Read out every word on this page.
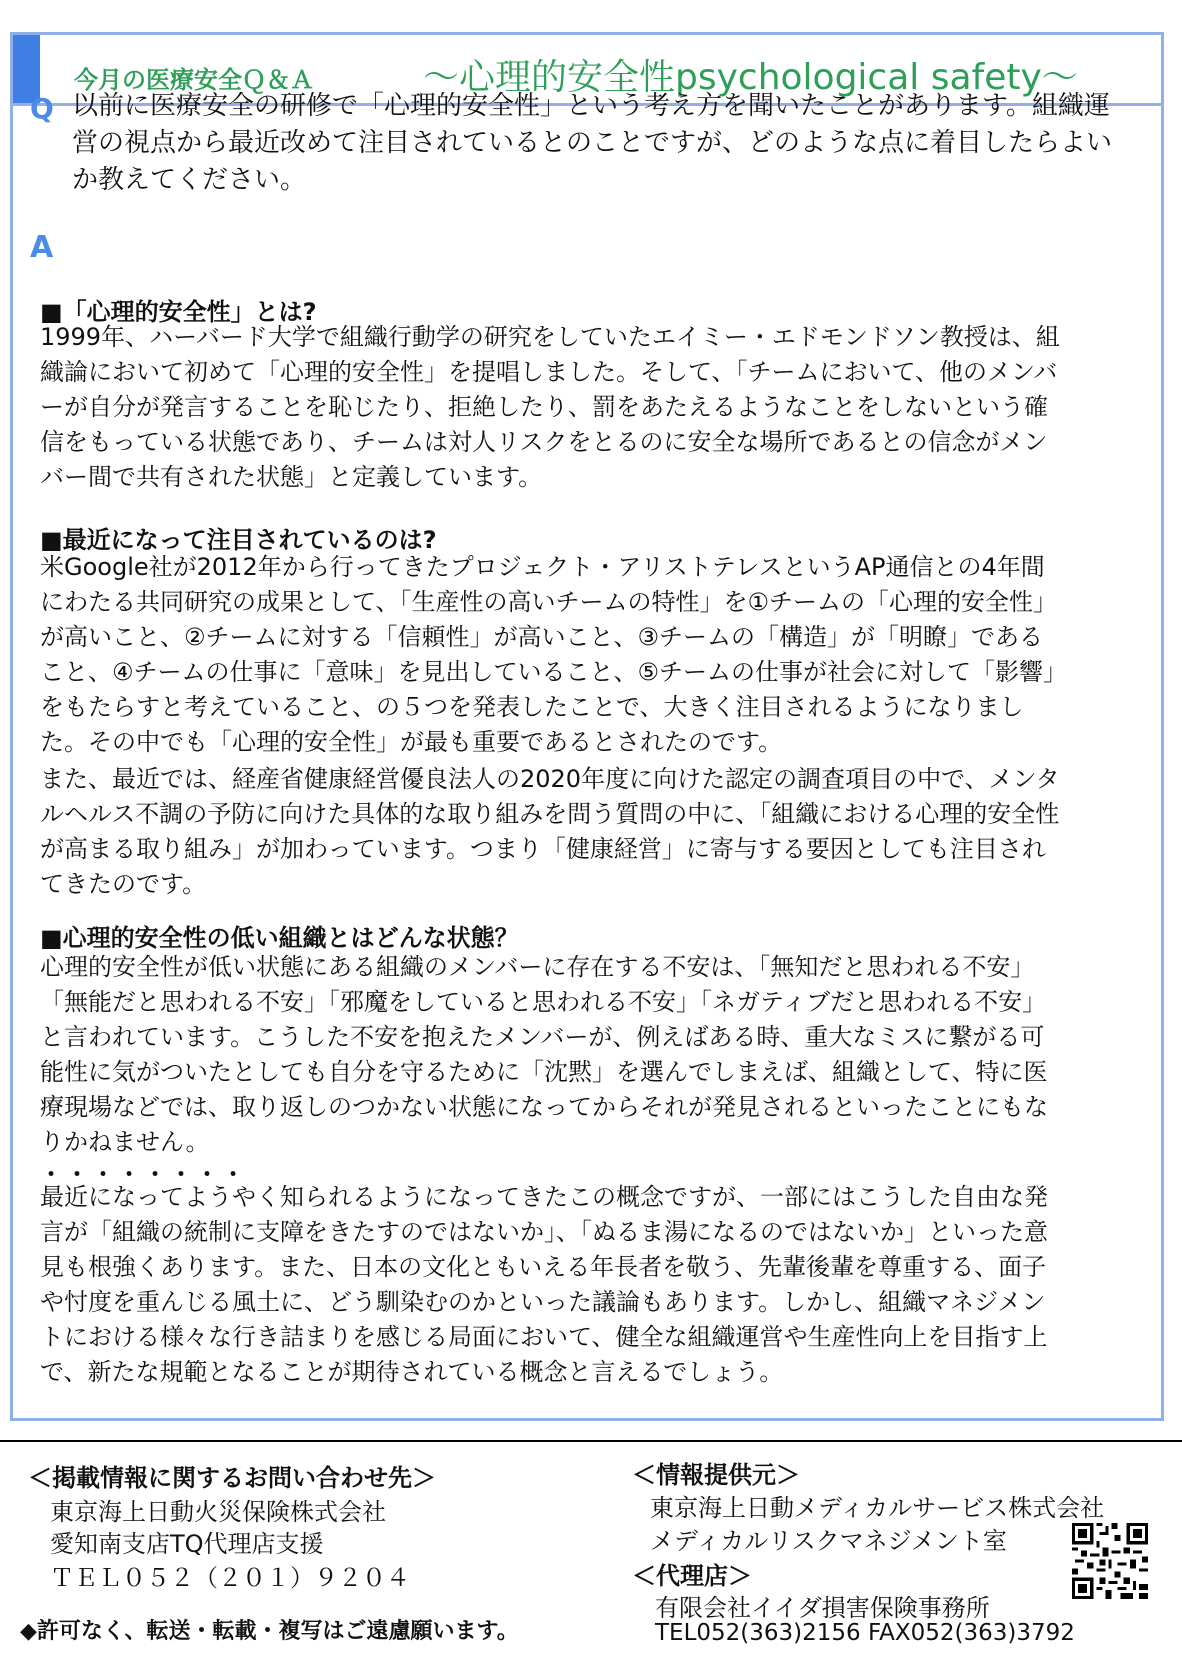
今月の医療安全Ｑ＆Ａ	～心理的安全性psychological safety～
Q 以前に医療安全の研修で「心理的安全性」という考え方を聞いたことがあります。組織運営の視点から最近改めて注目されているとのことですが、どのような点に着目したらよいか教えてください。
A
■「心理的安全性」とは?
1999年、ハーバード大学で組織行動学の研究をしていたエイミー・エドモンドソン教授は、組織論において初めて「心理的安全性」を提唱しました。そして、「チームにおいて、他のメンバーが自分が発言することを恥じたり、拒絶したり、罰をあたえるようなことをしないという確信をもっている状態であり、チームは対人リスクをとるのに安全な場所であるとの信念がメンバー間で共有された状態」と定義しています。
■最近になって注目されているのは?
米Google社が2012年から行ってきたプロジェクト・アリストテレスというAP通信との4年間にわたる共同研究の成果として、「生産性の高いチームの特性」を①チームの「心理的安全性」が高いこと、②チームに対する「信頼性」が高いこと、③チームの「構造」が「明瞭」であること、④チームの仕事に「意味」を見出していること、⑤チームの仕事が社会に対して「影響」をもたらすと考えていること、の５つを発表したことで、大きく注目されるようになりました。その中でも「心理的安全性」が最も重要であるとされたのです。
また、最近では、経産省健康経営優良法人の2020年度に向けた認定の調査項目の中で、メンタルヘルス不調の予防に向けた具体的な取り組みを問う質問の中に、「組織における心理的安全性が高まる取り組み」が加わっています。つまり「健康経営」に寄与する要因としても注目されてきたのです。
■心理的安全性の低い組織とはどんな状態？
心理的安全性が低い状態にある組織のメンバーに存在する不安は、「無知だと思われる不安」「無能だと思われる不安」「邪魔をしていると思われる不安」「ネガティブだと思われる不安」と言われています。こうした不安を抱えたメンバーが、例えばある時、重大なミスに繋がる可能性に気がついたとしても自分を守るために「沈黙」を選んでしまえば、組織として、特に医療現場などでは、取り返しのつかない状態になってからそれが発見されるといったことにもなりかねません。
・・・・・・・・
最近になってようやく知られるようになってきたこの概念ですが、一部にはこうした自由な発言が「組織の統制に支障をきたすのではないか」、「ぬるま湯になるのではないか」といった意見も根強くあります。また、日本の文化ともいえる年長者を敬う、先輩後輩を尊重する、面子や忖度を重んじる風土に、どう馴染むのかといった議論もあります。しかし、組織マネジメントにおける様々な行き詰まりを感じる局面において、健全な組織運営や生産性向上を目指す上で、新たな規範となることが期待されている概念と言えるでしょう。
＜掲載情報に関するお問い合わせ先＞
東京海上日動火災保険株式会社
愛知南支店TQ代理店支援
ＴＥＬ０５２（２０１）９２０４
◆許可なく、転送・転載・複写はご遠慮願います。
＜情報提供元＞
東京海上日動メディカルサービス株式会社
メディカルリスクマネジメント室
＜代理店＞
有限会社イイダ損害保険事務所
TEL052(363)2156 FAX052(363)3792
